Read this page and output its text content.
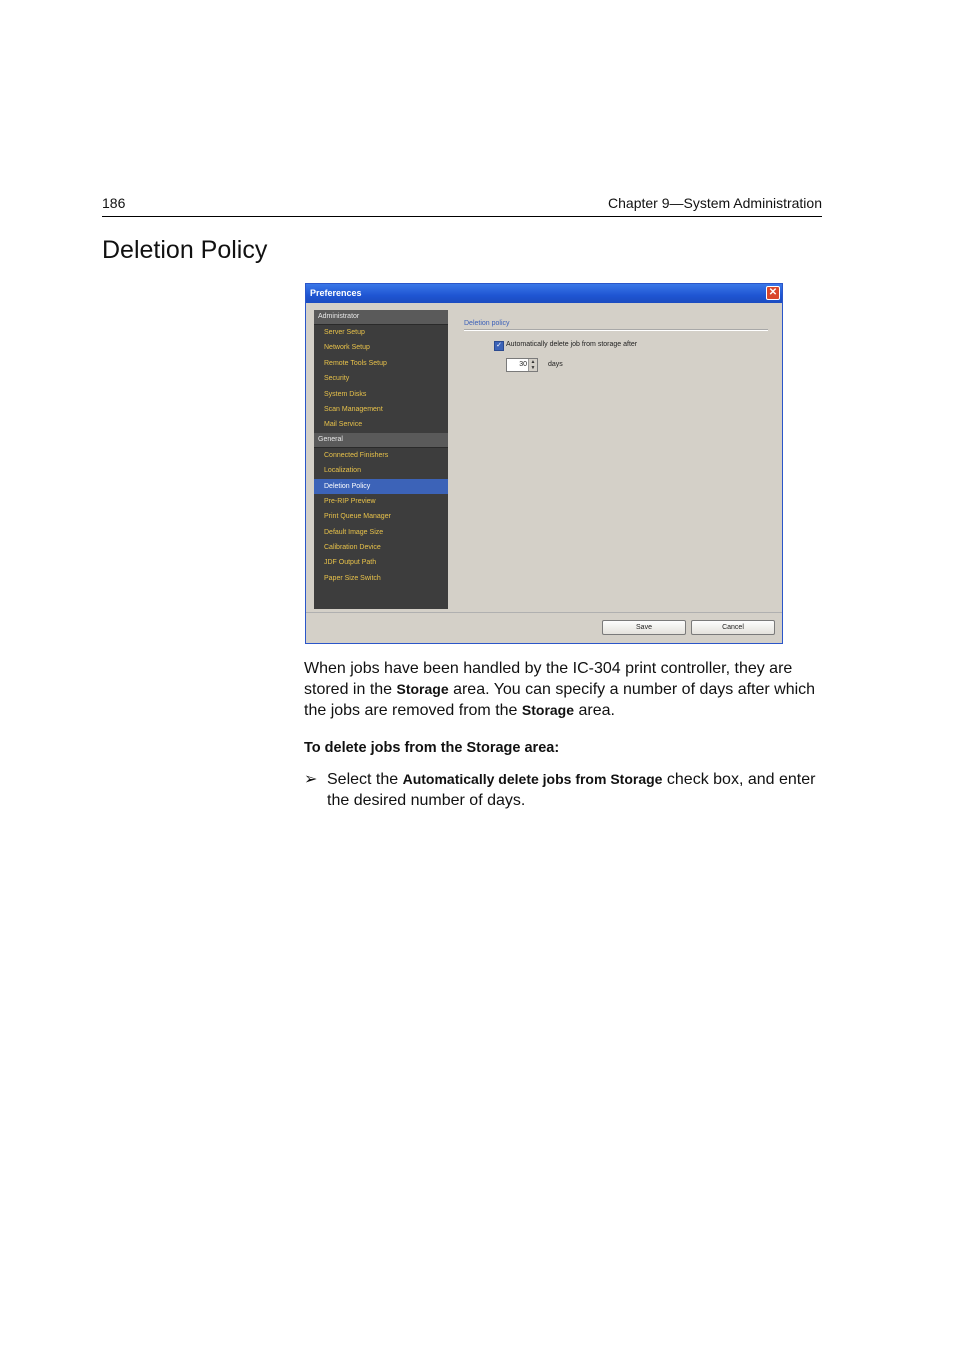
186	Chapter 9—System Administration
Deletion Policy
Preferences	✕
Administrator
Server Setup
Network Setup
Remote Tools Setup
Security
System Disks
Scan Management
Mail Service
General
Connected Finishers
Localization
Deletion Policy
Pre-RIP Preview
Print Queue Manager
Default Image Size
Calibration Device
JDF Output Path
Paper Size Switch
Deletion policy
✓ Automatically delete job from storage after
30 ▲
▼ days
Save	Cancel

When jobs have been handled by the IC-304 print controller, they are stored in the Storage area. You can specify a number of days after which the jobs are removed from the Storage area.

To delete jobs from the Storage area:
➢ Select the Automatically delete jobs from Storage check box, and enter the desired number of days.
